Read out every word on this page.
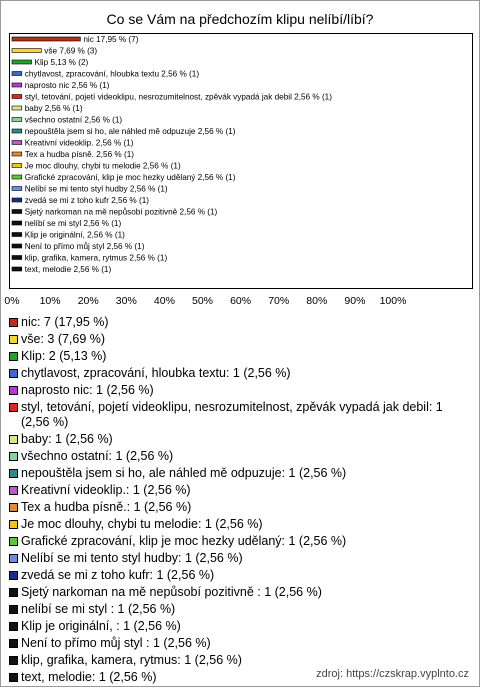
Co se Vám na předchozím klipu nelíbí/líbí?
nic 17,95 % (7)
vše 7,69 % (3)
Klip 5,13 % (2)
chytlavost, zpracování, hloubka textu 2,56 % (1)
naprosto nic 2,56 % (1)
styl, tetování, pojetí videoklipu, nesrozumitelnost, zpěvák vypadá jak debil 2,56 % (1)
baby 2,56 % (1)
všechno ostatní 2,56 % (1)
nepouštěla jsem si ho, ale náhled mě odpuzuje 2,56 % (1)
Kreativní videoklip. 2,56 % (1)
Tex a hudba písně. 2,56 % (1)
Je moc dlouhy, chybi tu melodie 2,56 % (1)
Grafické zpracování, klip je moc hezky udělaný 2,56 % (1)
Nelíbí se mi tento styl hudby 2,56 % (1)
zvedá se mi z toho kufr 2,56 % (1)
Sjetý narkoman na mě nepůsobí pozitivně 2,56 % (1)
nelíbí se mi styl 2,56 % (1)
Klip je originální, 2,56 % (1)
Není to přímo můj styl 2,56 % (1)
klip, grafika, kamera, rytmus 2,56 % (1)
text, melodie 2,56 % (1)
0% 10% 20% 30% 40% 50% 60% 70% 80% 90% 100%
nic: 7 (17,95 %)
vše: 3 (7,69 %)
Klip: 2 (5,13 %)
chytlavost, zpracování, hloubka textu: 1 (2,56 %)
naprosto nic: 1 (2,56 %)
styl, tetování, pojetí videoklipu, nesrozumitelnost, zpěvák vypadá jak debil: 1 (2,56 %)
baby: 1 (2,56 %)
všechno ostatní: 1 (2,56 %)
nepouštěla jsem si ho, ale náhled mě odpuzuje: 1 (2,56 %)
Kreativní videoklip.: 1 (2,56 %)
Tex a hudba písně.: 1 (2,56 %)
Je moc dlouhy, chybi tu melodie: 1 (2,56 %)
Grafické zpracování, klip je moc hezky udělaný: 1 (2,56 %)
Nelíbí se mi tento styl hudby: 1 (2,56 %)
zvedá se mi z toho kufr: 1 (2,56 %)
Sjetý narkoman na mě nepůsobí pozitivně : 1 (2,56 %)
nelíbí se mi styl : 1 (2,56 %)
Klip je originální, : 1 (2,56 %)
Není to přímo můj styl : 1 (2,56 %)
klip, grafika, kamera, rytmus: 1 (2,56 %)
text, melodie: 1 (2,56 %)	zdroj: https://czskrap.vyplnto.cz
